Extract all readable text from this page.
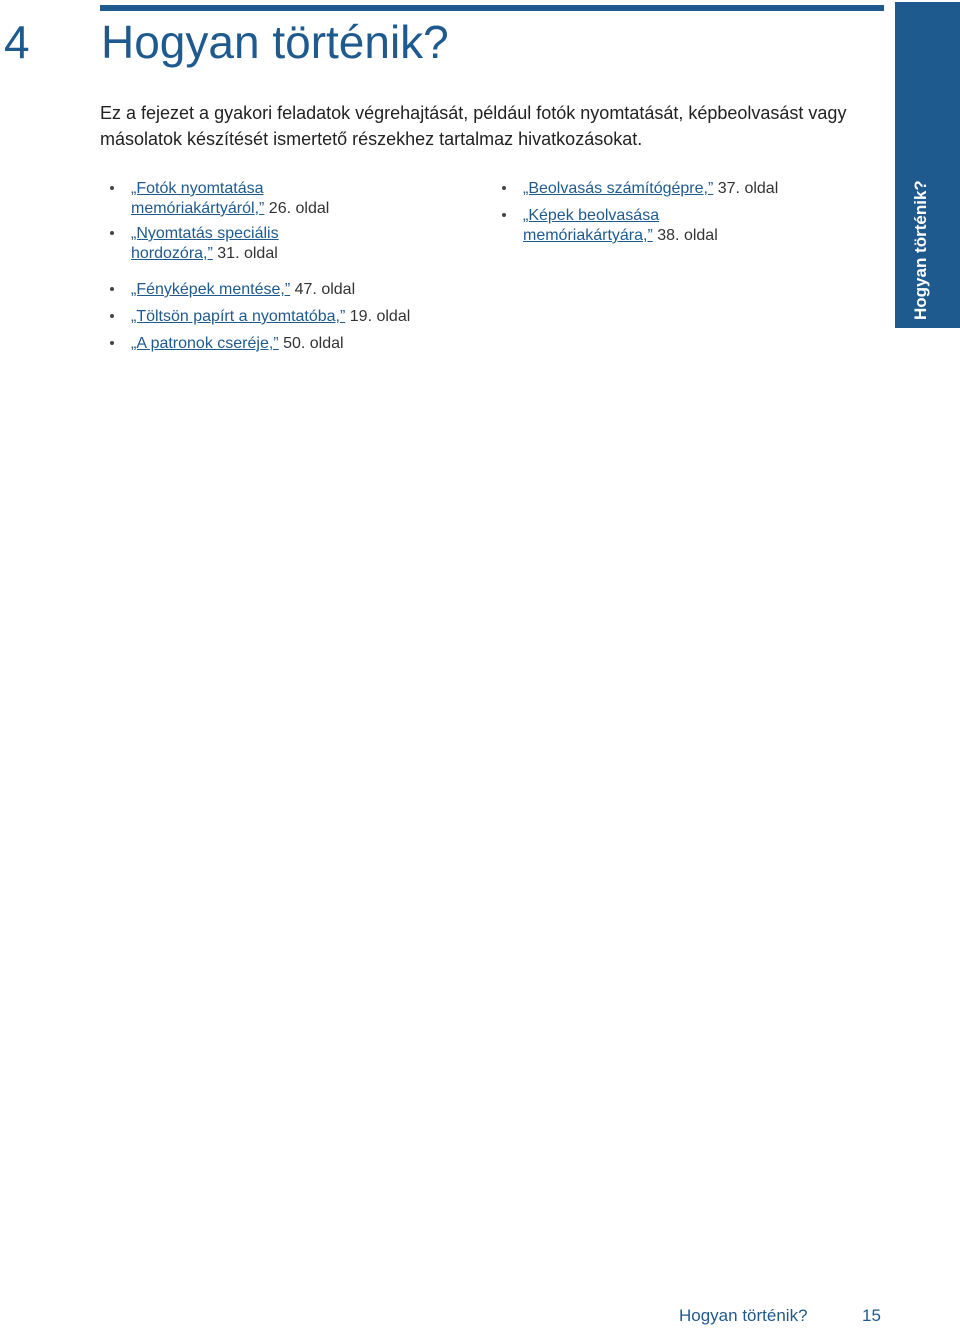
Hogyan történik?
4 Hogyan történik?

Ez a fejezet a gyakori feladatok végrehajtását, például fotók nyomtatását, képbeolvasást vagy másolatok készítését ismertető részekhez tartalmaz hivatkozásokat.

„Fotók nyomtatása memóriakártyáról,” 26. oldal
„Nyomtatás speciális hordozóra,” 31. oldal
„Fényképek mentése,” 47. oldal
„Töltsön papírt a nyomtatóba,” 19. oldal
„A patronok cseréje,” 50. oldal
„Beolvasás számítógépre,” 37. oldal
„Képek beolvasása memóriakártyára,” 38. oldal
Hogyan történik?	15
